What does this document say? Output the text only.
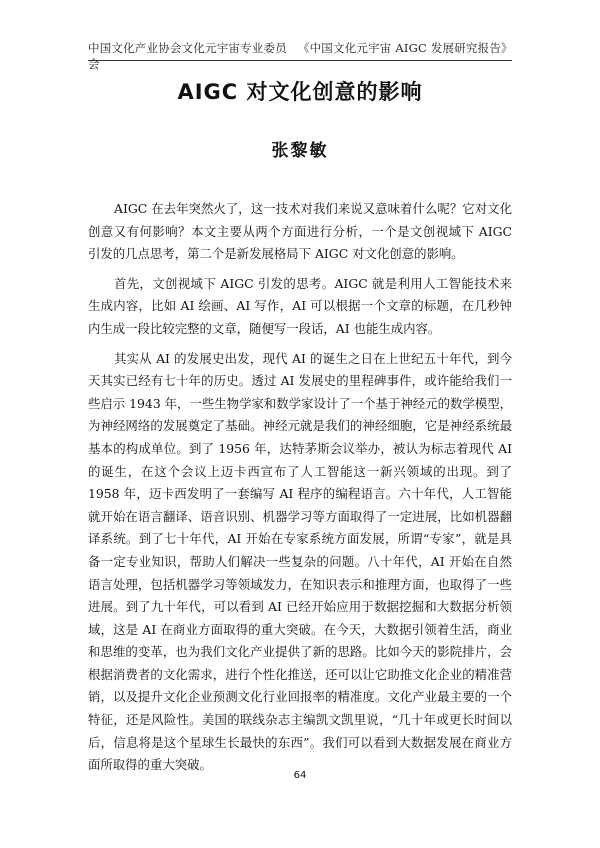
中国文化产业协会文化元宇宙专业委员会
《中国文化元宇宙 AIGC 发展研究报告》
AIGC 对文化创意的影响
张黎敏

AIGC 在去年突然火了，这一技术对我们来说又意味着什么呢？它对文化创意又有何影响？本文主要从两个方面进行分析，一个是文创视域下 AIGC 引发的几点思考，第二个是新发展格局下 AIGC 对文化创意的影响。

首先，文创视域下 AIGC 引发的思考。AIGC 就是利用人工智能技术来生成内容，比如 AI 绘画、AI 写作，AI 可以根据一个文章的标题，在几秒钟内生成一段比较完整的文章，随便写一段话，AI 也能生成内容。

其实从 AI 的发展史出发，现代 AI 的诞生之日在上世纪五十年代，到今天其实已经有七十年的历史。透过 AI 发展史的里程碑事件，或许能给我们一些启示 1943 年，一些生物学家和数学家设计了一个基于神经元的数学模型，为神经网络的发展奠定了基础。神经元就是我们的神经细胞，它是神经系统最基本的构成单位。到了 1956 年，达特茅斯会议举办，被认为标志着现代 AI 的诞生，在这个会议上迈卡西宣布了人工智能这一新兴领域的出现。到了 1958 年，迈卡西发明了一套编写 AI 程序的编程语言。六十年代，人工智能就开始在语言翻译、语音识别、机器学习等方面取得了一定进展，比如机器翻译系统。到了七十年代，AI 开始在专家系统方面发展，所谓“专家”，就是具备一定专业知识，帮助人们解决一些复杂的问题。八十年代，AI 开始在自然语言处理，包括机器学习等领域发力，在知识表示和推理方面，也取得了一些进展。到了九十年代，可以看到 AI 已经开始应用于数据挖掘和大数据分析领域，这是 AI 在商业方面取得的重大突破。在今天，大数据引领着生活，商业和思维的变革，也为我们文化产业提供了新的思路。比如今天的影院排片，会根据消费者的文化需求，进行个性化推送，还可以让它助推文化企业的精准营销，以及提升文化企业预测文化行业回报率的精准度。文化产业最主要的一个特征，还是风险性。美国的联线杂志主编凯文凯里说，“几十年或更长时间以后，信息将是这个星球生长最快的东西”。我们可以看到大数据发展在商业方面所取得的重大突破。

64
